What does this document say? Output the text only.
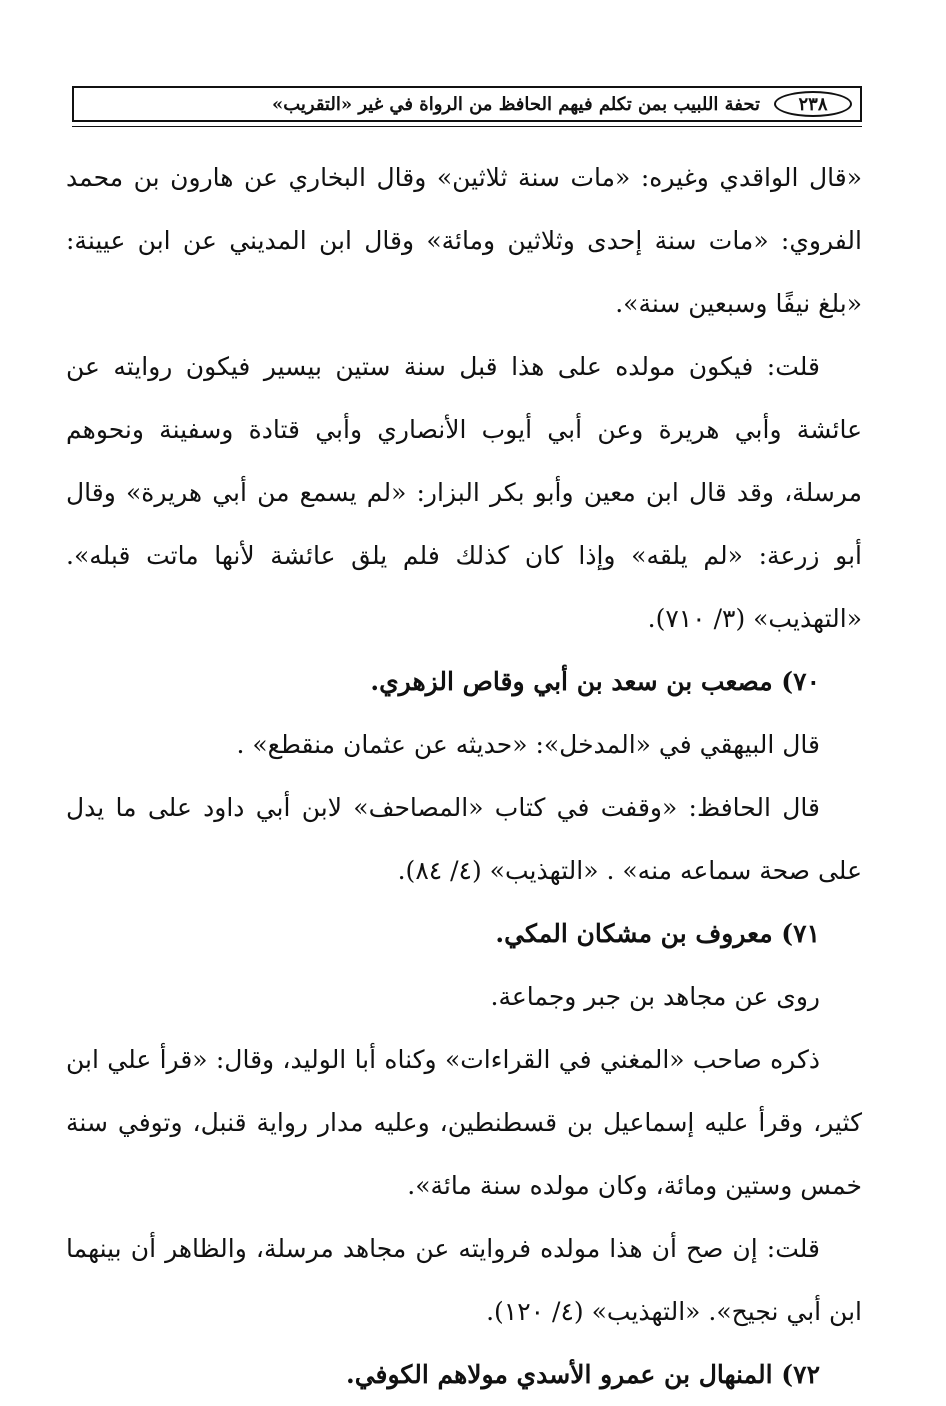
٢٣٨
تحفة اللبيب بمن تكلم فيهم الحافظ من الرواة في غير «التقريب»

«قال الواقدي وغيره: «مات سنة ثلاثين» وقال البخاري عن هارون بن محمد الفروي: «مات سنة إحدى وثلاثين ومائة» وقال ابن المديني عن ابن عيينة: «بلغ نيفًا وسبعين سنة».

قلت: فيكون مولده على هذا قبل سنة ستين بيسير فيكون روايته عن عائشة وأبي هريرة وعن أبي أيوب الأنصاري وأبي قتادة وسفينة ونحوهم مرسلة، وقد قال ابن معين وأبو بكر البزار: «لم يسمع من أبي هريرة» وقال أبو زرعة: «لم يلقه» وإذا كان كذلك فلم يلق عائشة لأنها ماتت قبله». «التهذيب» (٣/ ٧١٠).

٧٠) مصعب بن سعد بن أبي وقاص الزهري.

قال البيهقي في «المدخل»: «حديثه عن عثمان منقطع» .

قال الحافظ: «وقفت في كتاب «المصاحف» لابن أبي داود على ما يدل على صحة سماعه منه» . «التهذيب» (٤/ ٨٤).

٧١) معروف بن مشكان المكي.

روى عن مجاهد بن جبر وجماعة.

ذكره صاحب «المغني في القراءات» وكناه أبا الوليد، وقال: «قرأ علي ابن كثير، وقرأ عليه إسماعيل بن قسطنطين، وعليه مدار رواية قنبل، وتوفي سنة خمس وستين ومائة، وكان مولده سنة مائة».

قلت: إن صح أن هذا مولده فروايته عن مجاهد مرسلة، والظاهر أن بينهما ابن أبي نجيح». «التهذيب» (٤/ ١٢٠).

٧٢) المنهال بن عمرو الأسدي مولاهم الكوفي.
